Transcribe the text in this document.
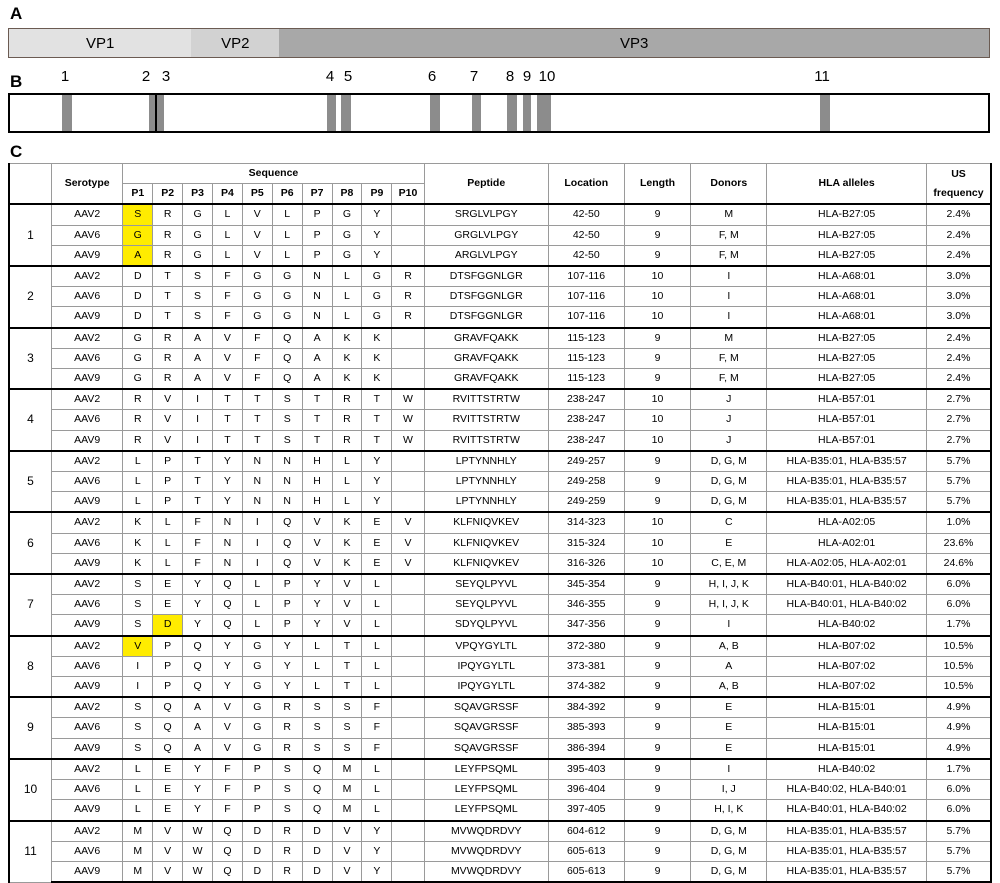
A
VP1	VP2	VP3
B	1	2 3	4 5	6 7 8 9 10	11
C
	Serotype	Sequence										Peptide	Location	Length	Donors	HLA alleles	US
frequency

		P1	P2	P3	P4	P5	P6	P7	P8	P9	P10						
1	AAV2	S	R	G	L	V	L	P	G	Y		SRGLVLPGY	42-50	9	M	HLA-B27:05	2.4%
	AAV6	G	R	G	L	V	L	P	G	Y		GRGLVLPGY	42-50	9	F, M	HLA-B27:05	2.4%
	AAV9	A	R	G	L	V	L	P	G	Y		ARGLVLPGY	42-50	9	F, M	HLA-B27:05	2.4%
2	AAV2	D	T	S	F	G	G	N	L	G	R	DTSFGGNLGR	107-116	10	I	HLA-A68:01	3.0%
	AAV6	D	T	S	F	G	G	N	L	G	R	DTSFGGNLGR	107-116	10	I	HLA-A68:01	3.0%
	AAV9	D	T	S	F	G	G	N	L	G	R	DTSFGGNLGR	107-116	10	I	HLA-A68:01	3.0%
3	AAV2	G	R	A	V	F	Q	A	K	K		GRAVFQAKK	115-123	9	M	HLA-B27:05	2.4%
	AAV6	G	R	A	V	F	Q	A	K	K		GRAVFQAKK	115-123	9	F, M	HLA-B27:05	2.4%
	AAV9	G	R	A	V	F	Q	A	K	K		GRAVFQAKK	115-123	9	F, M	HLA-B27:05	2.4%
4	AAV2	R	V	I	T	T	S	T	R	T	W	RVITTSTRTW	238-247	10	J	HLA-B57:01	2.7%
	AAV6	R	V	I	T	T	S	T	R	T	W	RVITTSTRTW	238-247	10	J	HLA-B57:01	2.7%
	AAV9	R	V	I	T	T	S	T	R	T	W	RVITTSTRTW	238-247	10	J	HLA-B57:01	2.7%
5	AAV2	L	P	T	Y	N	N	H	L	Y		LPTYNNHLY	249-257	9	D, G, M	HLA-B35:01, HLA-B35:57	5.7%
	AAV6	L	P	T	Y	N	N	H	L	Y		LPTYNNHLY	249-258	9	D, G, M	HLA-B35:01, HLA-B35:57	5.7%
	AAV9	L	P	T	Y	N	N	H	L	Y		LPTYNNHLY	249-259	9	D, G, M	HLA-B35:01, HLA-B35:57	5.7%
6	AAV2	K	L	F	N	I	Q	V	K	E	V	KLFNIQVKEV	314-323	10	C	HLA-A02:05	1.0%
	AAV6	K	L	F	N	I	Q	V	K	E	V	KLFNIQVKEV	315-324	10	E	HLA-A02:01	23.6%
	AAV9	K	L	F	N	I	Q	V	K	E	V	KLFNIQVKEV	316-326	10	C, E, M	HLA-A02:05, HLA-A02:01	24.6%
7	AAV2	S	E	Y	Q	L	P	Y	V	L		SEYQLPYVL	345-354	9	H, I, J, K	HLA-B40:01, HLA-B40:02	6.0%
	AAV6	S	E	Y	Q	L	P	Y	V	L		SEYQLPYVL	346-355	9	H, I, J, K	HLA-B40:01, HLA-B40:02	6.0%
	AAV9	S	D	Y	Q	L	P	Y	V	L		SDYQLPYVL	347-356	9	I	HLA-B40:02	1.7%
8	AAV2	V	P	Q	Y	G	Y	L	T	L		VPQYGYLTL	372-380	9	A, B	HLA-B07:02	10.5%
	AAV6	I	P	Q	Y	G	Y	L	T	L		IPQYGYLTL	373-381	9	A	HLA-B07:02	10.5%
	AAV9	I	P	Q	Y	G	Y	L	T	L		IPQYGYLTL	374-382	9	A, B	HLA-B07:02	10.5%
9	AAV2	S	Q	A	V	G	R	S	S	F		SQAVGRSSF	384-392	9	E	HLA-B15:01	4.9%
	AAV6	S	Q	A	V	G	R	S	S	F		SQAVGRSSF	385-393	9	E	HLA-B15:01	4.9%
	AAV9	S	Q	A	V	G	R	S	S	F		SQAVGRSSF	386-394	9	E	HLA-B15:01	4.9%
10	AAV2	L	E	Y	F	P	S	Q	M	L		LEYFPSQML	395-403	9	I	HLA-B40:02	1.7%
	AAV6	L	E	Y	F	P	S	Q	M	L		LEYFPSQML	396-404	9	I, J	HLA-B40:02, HLA-B40:01	6.0%
	AAV9	L	E	Y	F	P	S	Q	M	L		LEYFPSQML	397-405	9	H, I, K	HLA-B40:01, HLA-B40:02	6.0%
11	AAV2	M	V	W	Q	D	R	D	V	Y		MVWQDRDVY	604-612	9	D, G, M	HLA-B35:01, HLA-B35:57	5.7%
	AAV6	M	V	W	Q	D	R	D	V	Y		MVWQDRDVY	605-613	9	D, G, M	HLA-B35:01, HLA-B35:57	5.7%
	AAV9	M	V	W	Q	D	R	D	V	Y		MVWQDRDVY	605-613	9	D, G, M	HLA-B35:01, HLA-B35:57	5.7%
